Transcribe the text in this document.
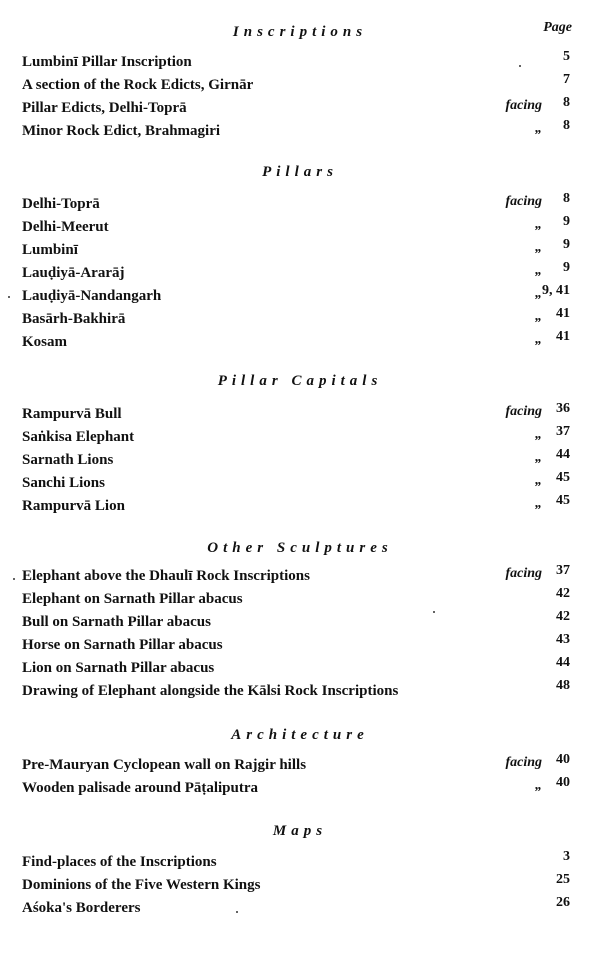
Page
Inscriptions
Lumbinī Pillar Inscription	5
A section of the Rock Edicts, Girnār	7
Pillar Edicts, Delhi-Toprā	facing 8
Minor Rock Edict, Brahmagiri	„ 8
Pillars
Delhi-Toprā	facing 8
Delhi-Meerut	„ 9
Lumbinī	„ 9
Lauḍiyā-Ararāj	„ 9
Lauḍiyā-Nandangarh	„ 9, 41
Basārh-Bakhirā	„ 41
Kosam	„ 41
Pillar Capitals
Rampurvā Bull	facing 36
Saṅkisa Elephant	„ 37
Sarnath Lions	„ 44
Sanchi Lions	„ 45
Rampurvā Lion	„ 45
Other Sculptures
Elephant above the Dhaulī Rock Inscriptions	facing 37
Elephant on Sarnath Pillar abacus	42
Bull on Sarnath Pillar abacus	42
Horse on Sarnath Pillar abacus	43
Lion on Sarnath Pillar abacus	44
Drawing of Elephant alongside the Kālsi Rock Inscriptions	48
Architecture
Pre-Mauryan Cyclopean wall on Rajgir hills	facing 40
Wooden palisade around Pāṭaliputra	„ 40
Maps
Find-places of the Inscriptions	3
Dominions of the Five Western Kings	25
Aśoka's Borderers	26
